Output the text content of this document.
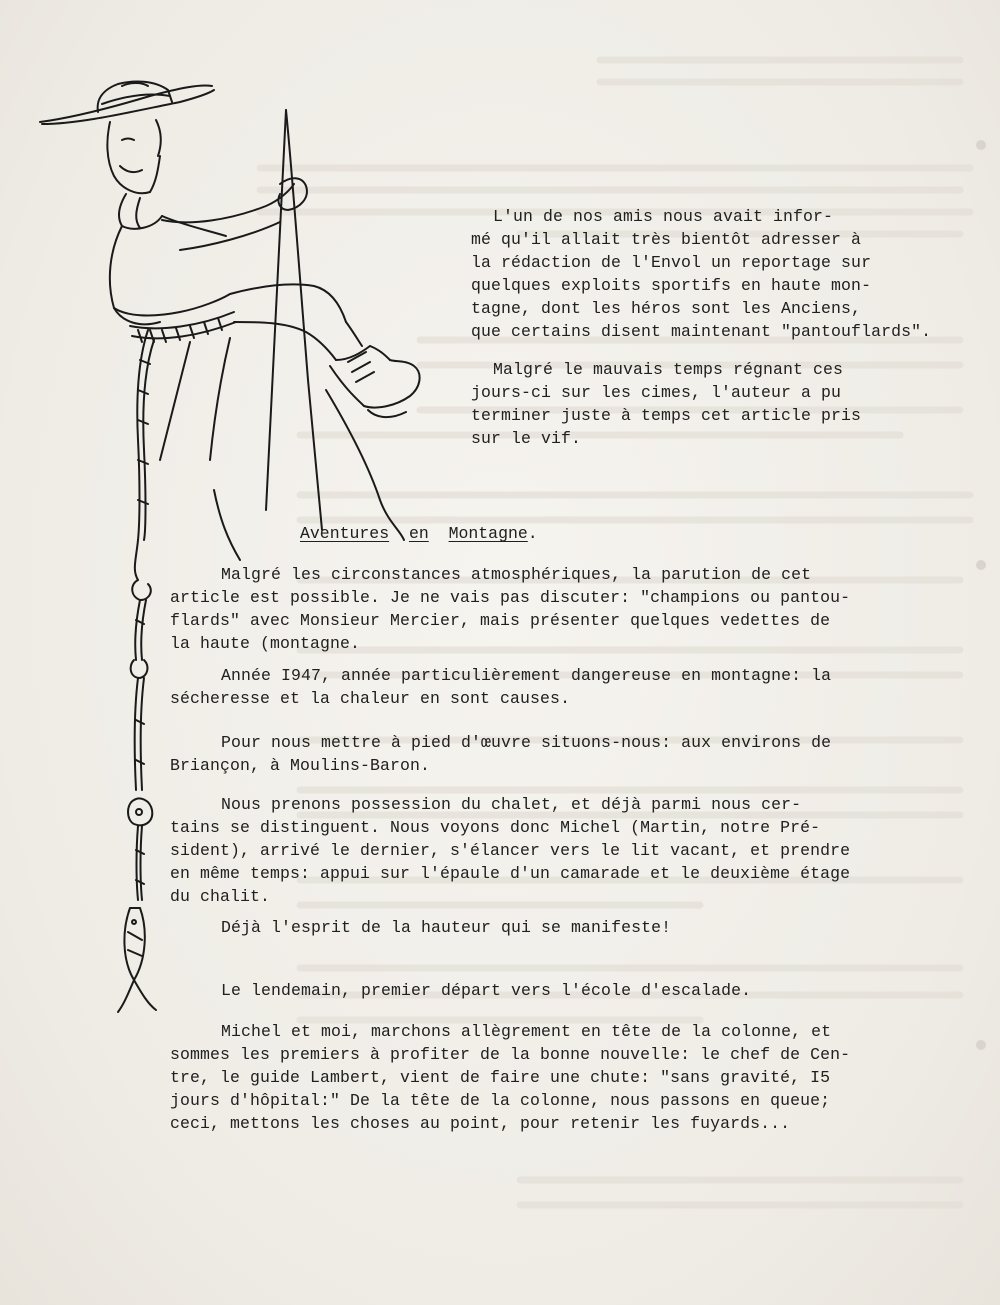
L'un de nos amis nous avait infor-
mé qu'il allait très bientôt adresser à
la rédaction de l'Envol un reportage sur
quelques exploits sportifs en haute mon-
tagne, dont les héros sont les Anciens,
que certains disent maintenant "pantouflards".
Malgré le mauvais temps régnant ces
jours-ci sur les cimes, l'auteur a pu
terminer juste à temps cet article pris
sur le vif.
Aventures en Montagne.
Malgré les circonstances atmosphériques, la parution de cet
article est possible. Je ne vais pas discuter: "champions ou pantou-
flards" avec Monsieur Mercier, mais présenter quelques vedettes de
la haute (montagne.
Année I947, année particulièrement dangereuse en montagne: la
sécheresse et la chaleur en sont causes.
Pour nous mettre à pied d'œuvre situons-nous: aux environs de
Briançon, à Moulins-Baron.
Nous prenons possession du chalet, et déjà parmi nous cer-
tains se distinguent. Nous voyons donc Michel (Martin, notre Pré-
sident), arrivé le dernier, s'élancer vers le lit vacant, et prendre
en même temps: appui sur l'épaule d'un camarade et le deuxième étage
du chalit.
Déjà l'esprit de la hauteur qui se manifeste!
Le lendemain, premier départ vers l'école d'escalade.
Michel et moi, marchons allègrement en tête de la colonne, et
sommes les premiers à profiter de la bonne nouvelle: le chef de Cen-
tre, le guide Lambert, vient de faire une chute: "sans gravité, I5
jours d'hôpital:" De la tête de la colonne, nous passons en queue;
ceci, mettons les choses au point, pour retenir les fuyards...
